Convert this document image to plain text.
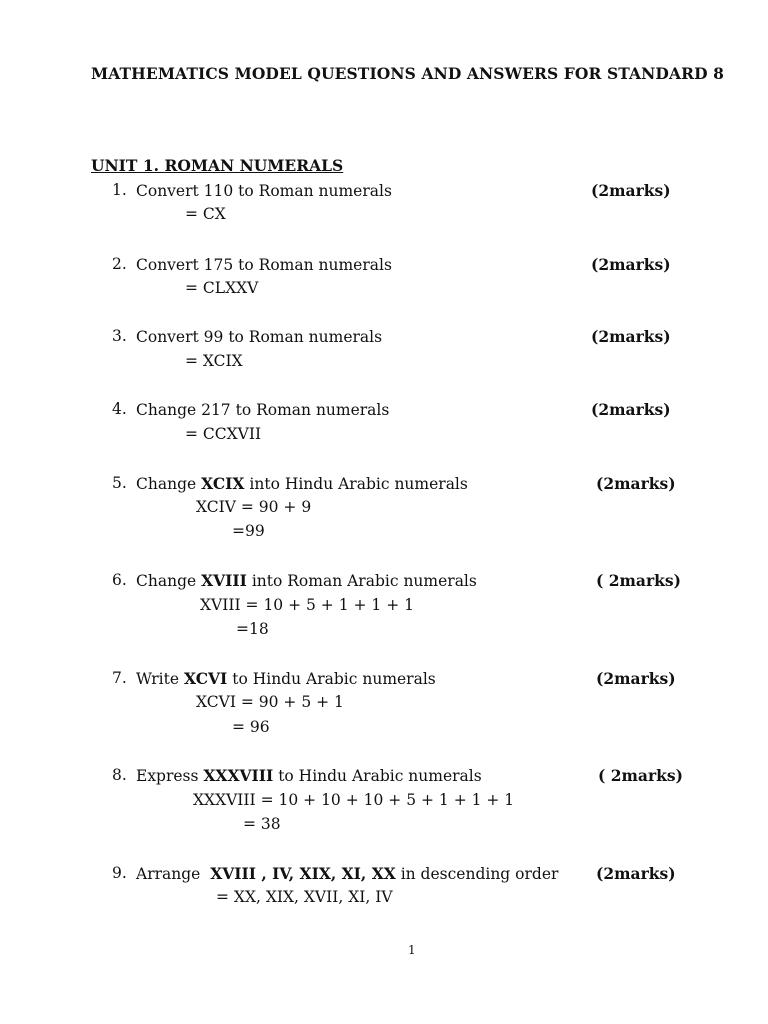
MATHEMATICS MODEL QUESTIONS AND ANSWERS FOR STANDARD 8
UNIT 1. ROMAN NUMERALS
1. Convert 110 to Roman numerals	(2marks)
= CX
2. Convert 175 to Roman numerals	(2marks)
= CLXXV
3. Convert 99 to Roman numerals	(2marks)
= XCIX
4. Change 217 to Roman numerals	(2marks)
= CCXVII
5. Change XCIX into Hindu Arabic numerals	(2marks)
XCIV = 90 + 9
=99
6. Change XVIII into Roman Arabic numerals	( 2marks)
XVIII = 10 + 5 + 1 + 1 + 1
=18
7. Write XCVI to Hindu Arabic numerals	(2marks)
XCVI = 90 + 5 + 1
= 96
8. Express XXXVIII to Hindu Arabic numerals	( 2marks)
XXXVIII = 10 + 10 + 10 + 5 + 1 + 1 + 1
= 38
9. Arrange  XVIII , IV, XIX, XI, XX in descending order (2marks)
= XX, XIX, XVII, XI, IV
1
